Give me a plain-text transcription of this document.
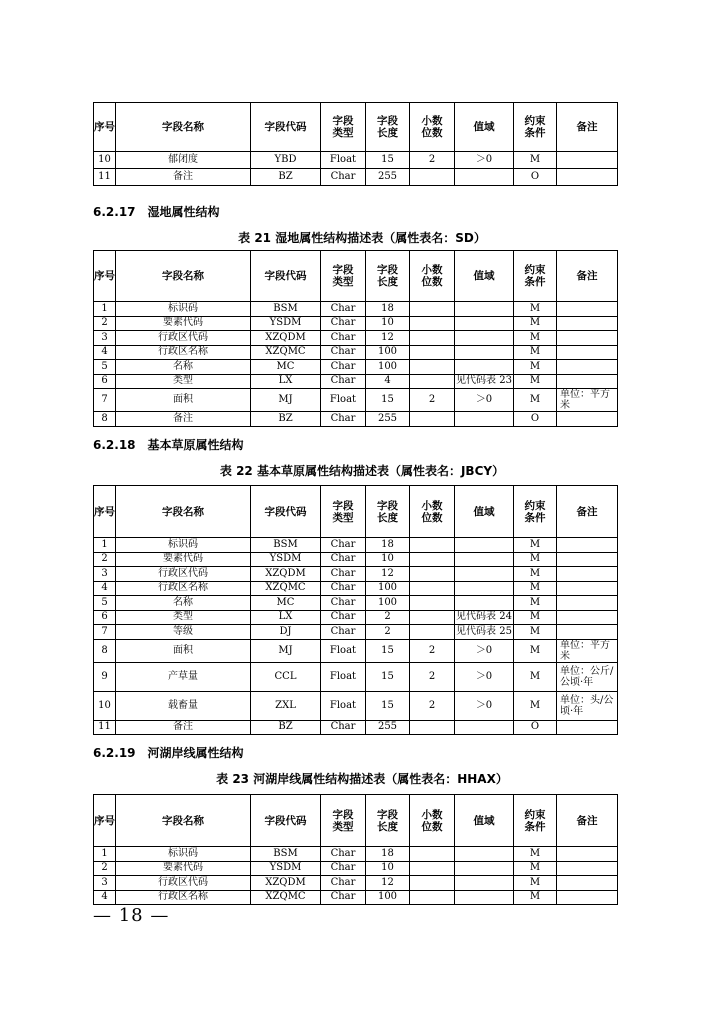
序号	字段名称	字段代码	字段类型	字段长度	小数位数	值域	约束条件	备注
10	郁闭度	YBD	Float	15	2	＞0	M	
11	备注	BZ	Char	255			O	
6.2.17　湿地属性结构
表 21 湿地属性结构描述表（属性表名：SD）
序号	字段名称	字段代码	字段类型	字段长度	小数位数	值域	约束条件	备注
1	标识码	BSM	Char	18			M	
2	要素代码	YSDM	Char	10			M	
3	行政区代码	XZQDM	Char	12			M	
4	行政区名称	XZQMC	Char	100			M	
5	名称	MC	Char	100			M	
6	类型	LX	Char	4		见代码表 23	M	
7	面积	MJ	Float	15	2	＞0	M	单位：平方米
8	备注	BZ	Char	255			O	
6.2.18　基本草原属性结构
表 22 基本草原属性结构描述表（属性表名：JBCY）
序号	字段名称	字段代码	字段类型	字段长度	小数位数	值域	约束条件	备注
1	标识码	BSM	Char	18			M	
2	要素代码	YSDM	Char	10			M	
3	行政区代码	XZQDM	Char	12			M	
4	行政区名称	XZQMC	Char	100			M	
5	名称	MC	Char	100			M	
6	类型	LX	Char	2		见代码表 24	M	
7	等级	DJ	Char	2		见代码表 25	M	
8	面积	MJ	Float	15	2	＞0	M	单位：平方米
9	产草量	CCL	Float	15	2	＞0	M	单位：公斤/公顷·年
10	载畜量	ZXL	Float	15	2	＞0	M	单位：头/公顷·年
11	备注	BZ	Char	255			O	
6.2.19　河湖岸线属性结构
表 23 河湖岸线属性结构描述表（属性表名：HHAX）
序号	字段名称	字段代码	字段类型	字段长度	小数位数	值域	约束条件	备注
1	标识码	BSM	Char	18			M	
2	要素代码	YSDM	Char	10			M	
3	行政区代码	XZQDM	Char	12			M	
4	行政区名称	XZQMC	Char	100			M	
— 18 —
